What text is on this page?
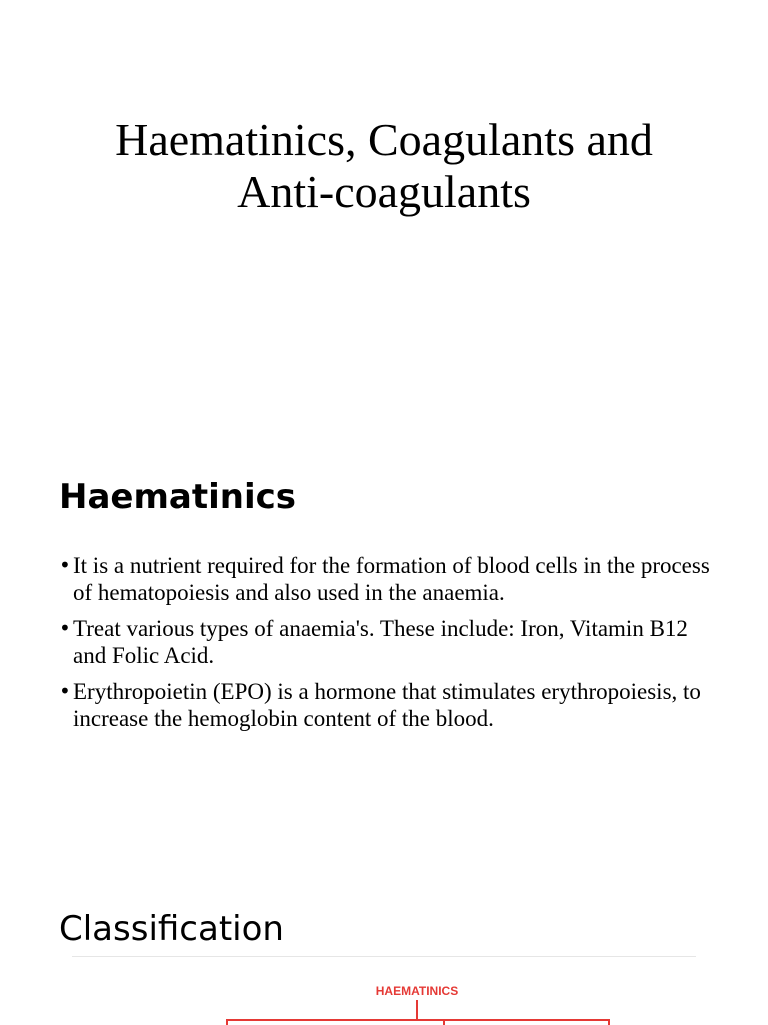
Haematinics, Coagulants and
Anti-coagulants
Haematinics
• It is a nutrient required for the formation of blood cells in the process of hematopoiesis and also used in the anaemia.
• Treat various types of anaemia's. These include: Iron, Vitamin B12 and Folic Acid.
• Erythropoietin (EPO) is a hormone that stimulates erythropoiesis, to increase the hemoglobin content of the blood.
Classification
HAEMATINICS
